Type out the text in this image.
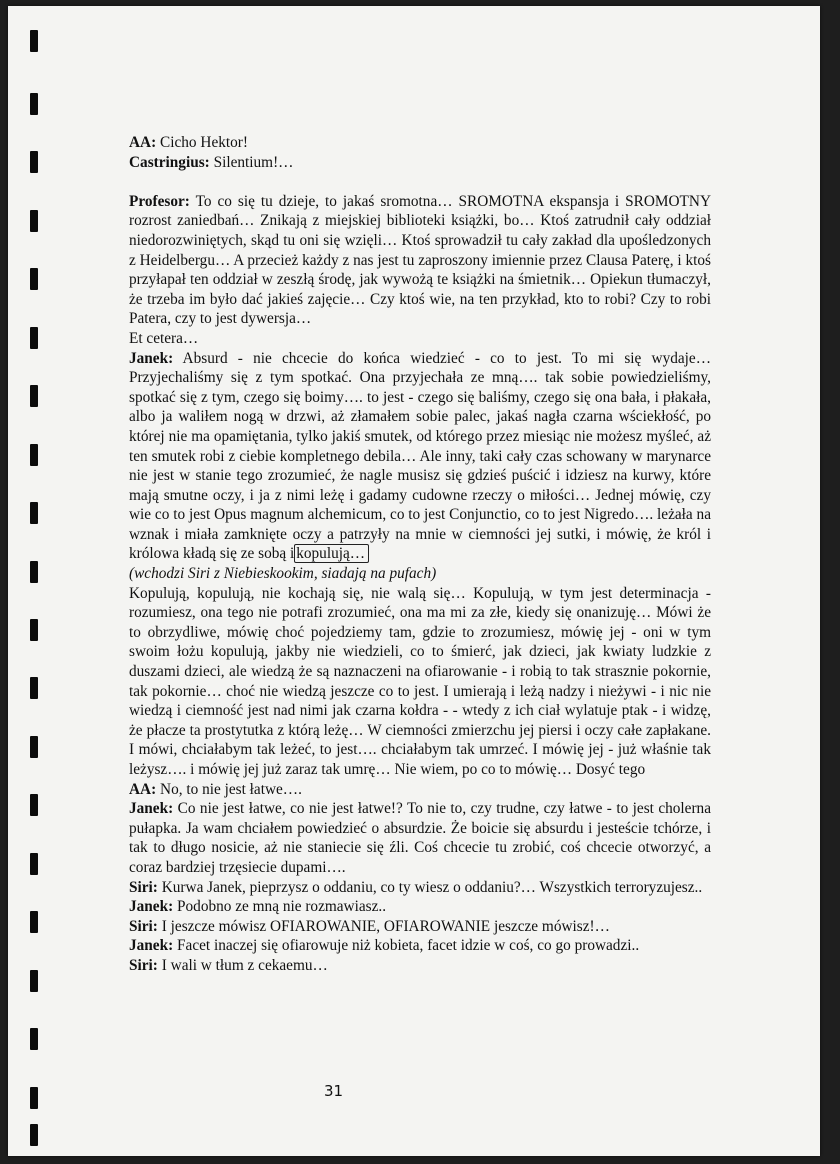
AA: Cicho Hektor!

Castringius: Silentium!…

Profesor: To co się tu dzieje, to jakaś sromotna… SROMOTNA ekspansja i SROMOTNY rozrost zaniedbań… Znikają z miejskiej biblioteki książki, bo… Ktoś zatrudnił cały oddział niedorozwiniętych, skąd tu oni się wzięli… Ktoś sprowadził tu cały zakład dla upośledzonych z Heidelbergu… A przecież każdy z nas jest tu zaproszony imiennie przez Clausa Paterę, i ktoś przyłapał ten oddział w zeszłą środę, jak wywożą te książki na śmietnik… Opiekun tłumaczył, że trzeba im było dać jakieś zajęcie… Czy ktoś wie, na ten przykład, kto to robi? Czy to robi Patera, czy to jest dywersja…

Et cetera…

Janek: Absurd - nie chcecie do końca wiedzieć - co to jest. To mi się wydaje… Przyjechaliśmy się z tym spotkać. Ona przyjechała ze mną…. tak sobie powiedzieliśmy, spotkać się z tym, czego się boimy…. to jest - czego się baliśmy, czego się ona bała, i płakała, albo ja waliłem nogą w drzwi, aż złamałem sobie palec, jakaś nagła czarna wściekłość, po której nie ma opamiętania, tylko jakiś smutek, od którego przez miesiąc nie możesz myśleć, aż ten smutek robi z ciebie kompletnego debila… Ale inny, taki cały czas schowany w marynarce nie jest w stanie tego zrozumieć, że nagle musisz się gdzieś puścić i idziesz na kurwy, które mają smutne oczy, i ja z nimi leżę i gadamy cudowne rzeczy o miłości… Jednej mówię, czy wie co to jest Opus magnum alchemicum, co to jest Conjunctio, co to jest Nigredo…. leżała na wznak i miała zamknięte oczy a patrzyły na mnie w ciemności jej sutki, i mówię, że król i królowa kładą się ze sobą i kopulują…

(wchodzi Siri z Niebieskookim, siadają na pufach)

Kopulują, kopulują, nie kochają się, nie walą się… Kopulują, w tym jest determinacja - rozumiesz, ona tego nie potrafi zrozumieć, ona ma mi za złe, kiedy się onanizuję… Mówi że to obrzydliwe, mówię choć pojedziemy tam, gdzie to zrozumiesz, mówię jej - oni w tym swoim łożu kopulują, jakby nie wiedzieli, co to śmierć, jak dzieci, jak kwiaty ludzkie z duszami dzieci, ale wiedzą że są naznaczeni na ofiarowanie - i robią to tak strasznie pokornie, tak pokornie… choć nie wiedzą jeszcze co to jest. I umierają i leżą nadzy i nieżywi - i nic nie wiedzą i ciemność jest nad nimi jak czarna kołdra - - wtedy z ich ciał wylatuje ptak - i widzę, że płacze ta prostytutka z którą leżę… W ciemności zmierzchu jej piersi i oczy całe zapłakane. I mówi, chciałabym tak leżeć, to jest…. chciałabym tak umrzeć. I mówię jej - już właśnie tak leżysz…. i mówię jej już zaraz tak umrę… Nie wiem, po co to mówię… Dosyć tego

AA: No, to nie jest łatwe….

Janek: Co nie jest łatwe, co nie jest łatwe!? To nie to, czy trudne, czy łatwe - to jest cholerna pułapka. Ja wam chciałem powiedzieć o absurdzie. Że boicie się absurdu i jesteście tchórze, i tak to długo nosicie, aż nie staniecie się źli. Coś chcecie tu zrobić, coś chcecie otworzyć, a coraz bardziej trzęsiecie dupami….

Siri: Kurwa Janek, pieprzysz o oddaniu, co ty wiesz o oddaniu?… Wszystkich terroryzujesz..

Janek: Podobno ze mną nie rozmawiasz..

Siri: I jeszcze mówisz OFIAROWANIE, OFIAROWANIE jeszcze mówisz!…

Janek: Facet inaczej się ofiarowuje niż kobieta, facet idzie w coś, co go prowadzi..

Siri: I wali w tłum z cekaemu…

31
